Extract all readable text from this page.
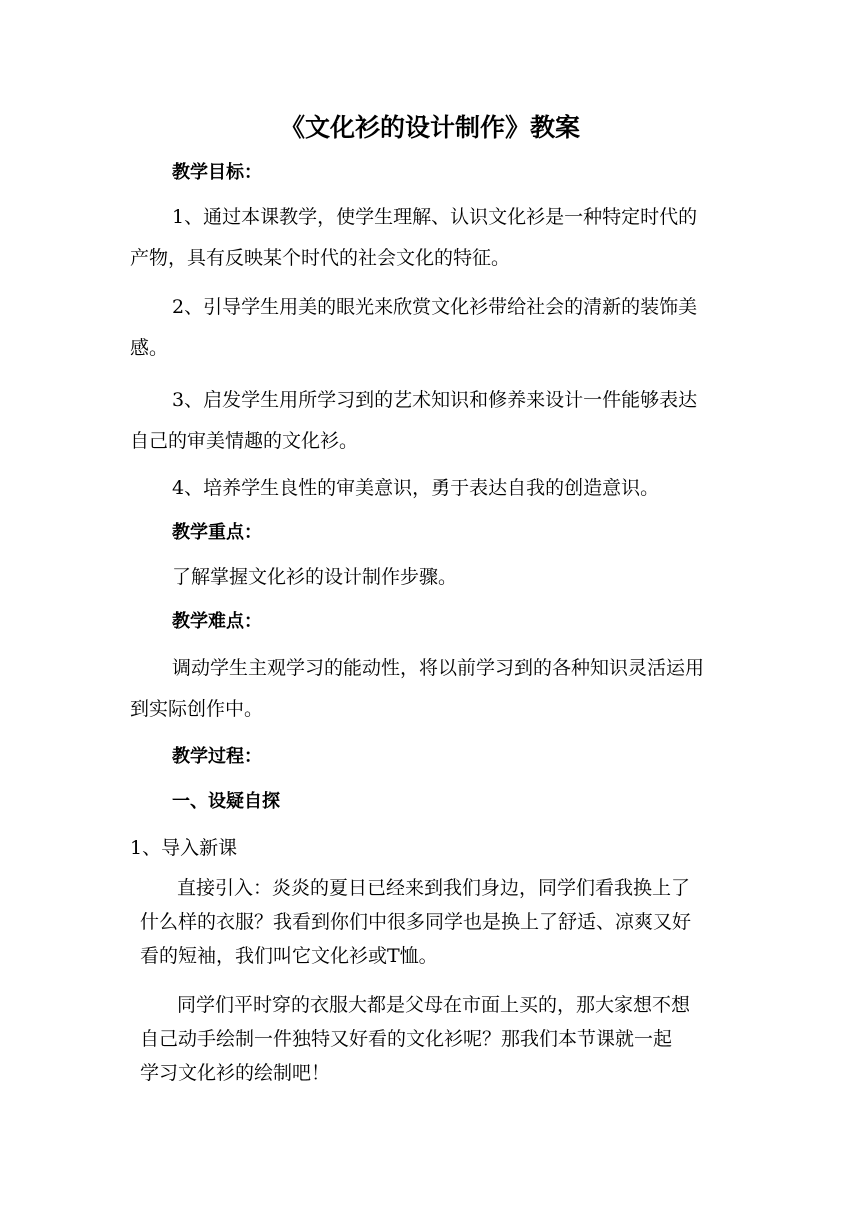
《文化衫的设计制作》教案
教学目标：

1、通过本课教学，使学生理解、认识文化衫是一种特定时代的
产物，具有反映某个时代的社会文化的特征。

2、引导学生用美的眼光来欣赏文化衫带给社会的清新的装饰美
感。

3、启发学生用所学习到的艺术知识和修养来设计一件能够表达
自己的审美情趣的文化衫。

4、培养学生良性的审美意识，勇于表达自我的创造意识。

教学重点：
了解掌握文化衫的设计制作步骤。
教学难点：

调动学生主观学习的能动性，将以前学习到的各种知识灵活运用
到实际创作中。

教学过程：
一、设疑自探
1、导入新课

直接引入：炎炎的夏日已经来到我们身边，同学们看我换上了
什么样的衣服？我看到你们中很多同学也是换上了舒适、凉爽又好
看的短袖，我们叫它文化衫或T恤。

同学们平时穿的衣服大都是父母在市面上买的，那大家想不想
自己动手绘制一件独特又好看的文化衫呢？那我们本节课就一起
学习文化衫的绘制吧！
